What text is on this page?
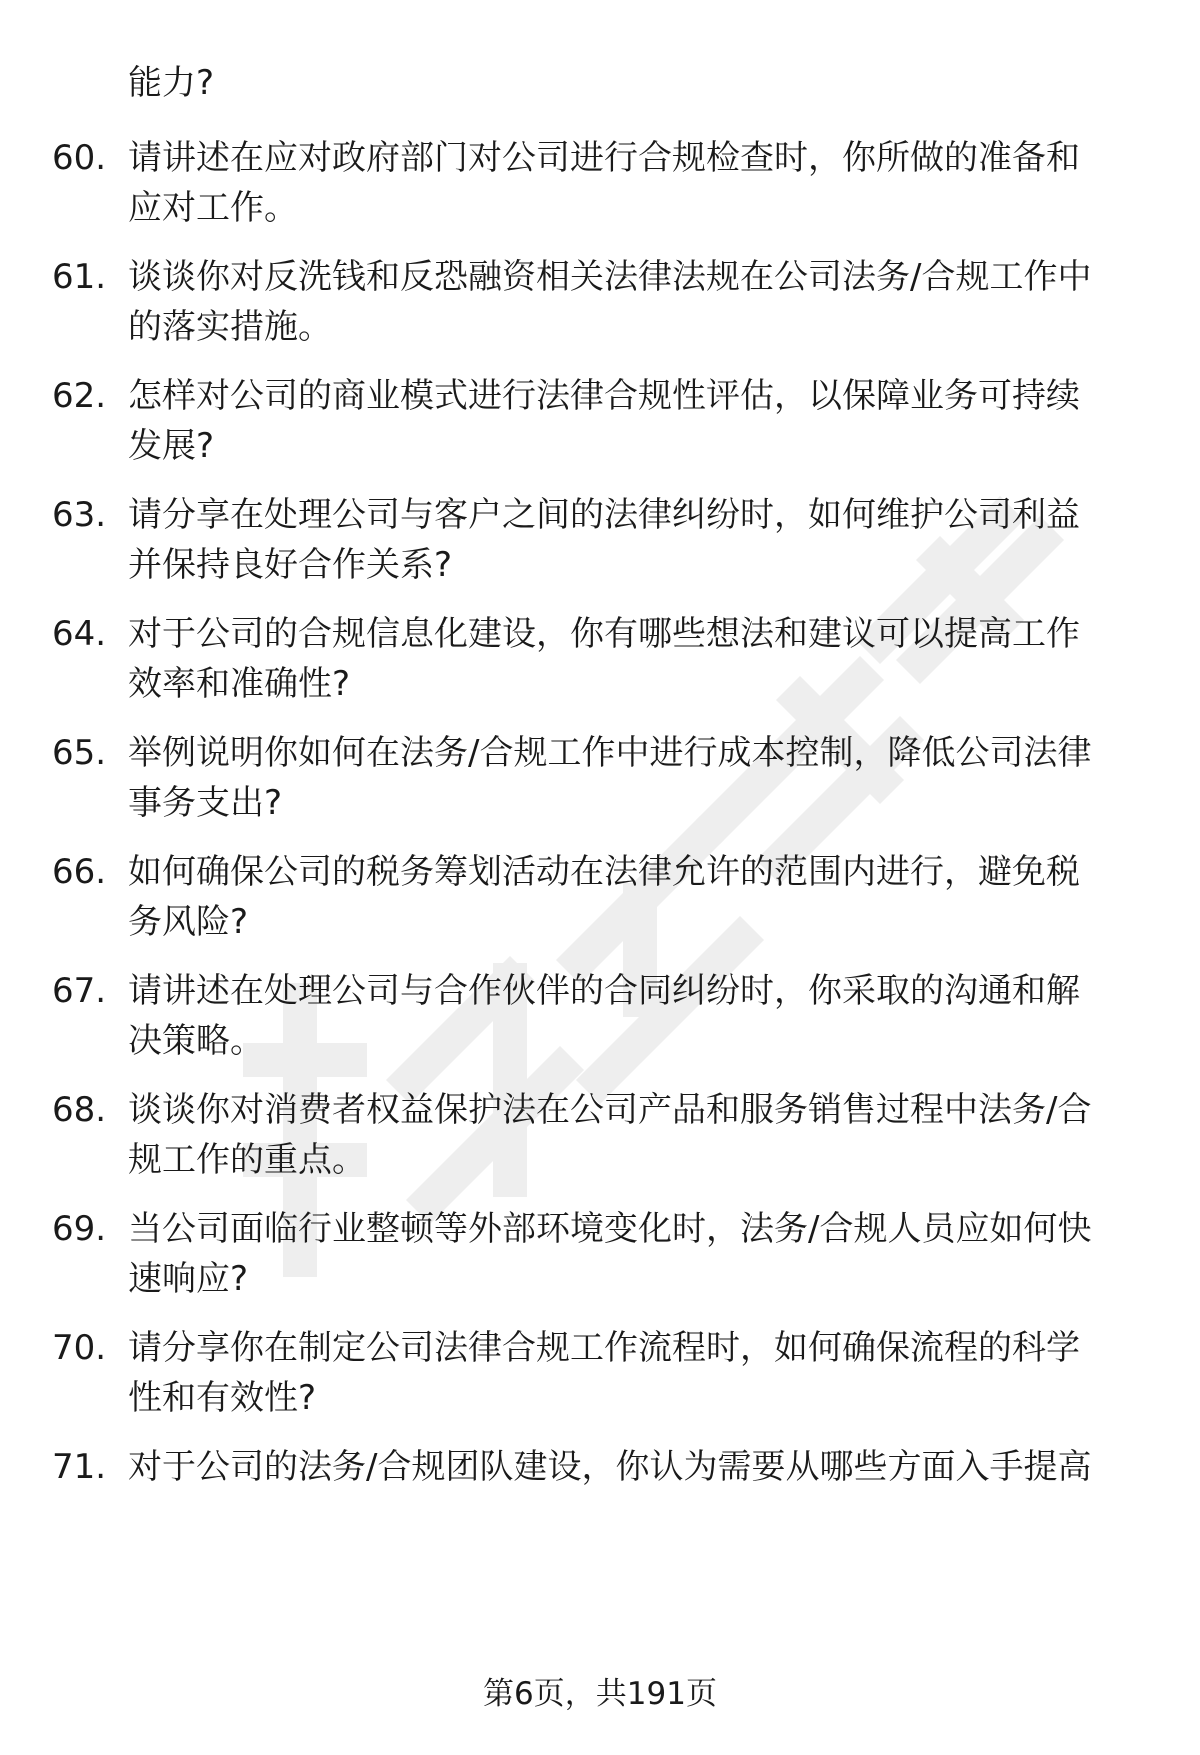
能力?
60. 请讲述在应对政府部门对公司进行合规检查时，你所做的准备和
应对工作。
61. 谈谈你对反洗钱和反恐融资相关法律法规在公司法务/合规工作中
的落实措施。
62. 怎样对公司的商业模式进行法律合规性评估，以保障业务可持续
发展?
63. 请分享在处理公司与客户之间的法律纠纷时，如何维护公司利益
并保持良好合作关系?
64. 对于公司的合规信息化建设，你有哪些想法和建议可以提高工作
效率和准确性?
65. 举例说明你如何在法务/合规工作中进行成本控制，降低公司法律
事务支出?
66. 如何确保公司的税务筹划活动在法律允许的范围内进行，避免税
务风险?
67. 请讲述在处理公司与合作伙伴的合同纠纷时，你采取的沟通和解
决策略。
68. 谈谈你对消费者权益保护法在公司产品和服务销售过程中法务/合
规工作的重点。
69. 当公司面临行业整顿等外部环境变化时，法务/合规人员应如何快
速响应?
70. 请分享你在制定公司法律合规工作流程时，如何确保流程的科学
性和有效性?
71. 对于公司的法务/合规团队建设，你认为需要从哪些方面入手提高
第6页，共191页
